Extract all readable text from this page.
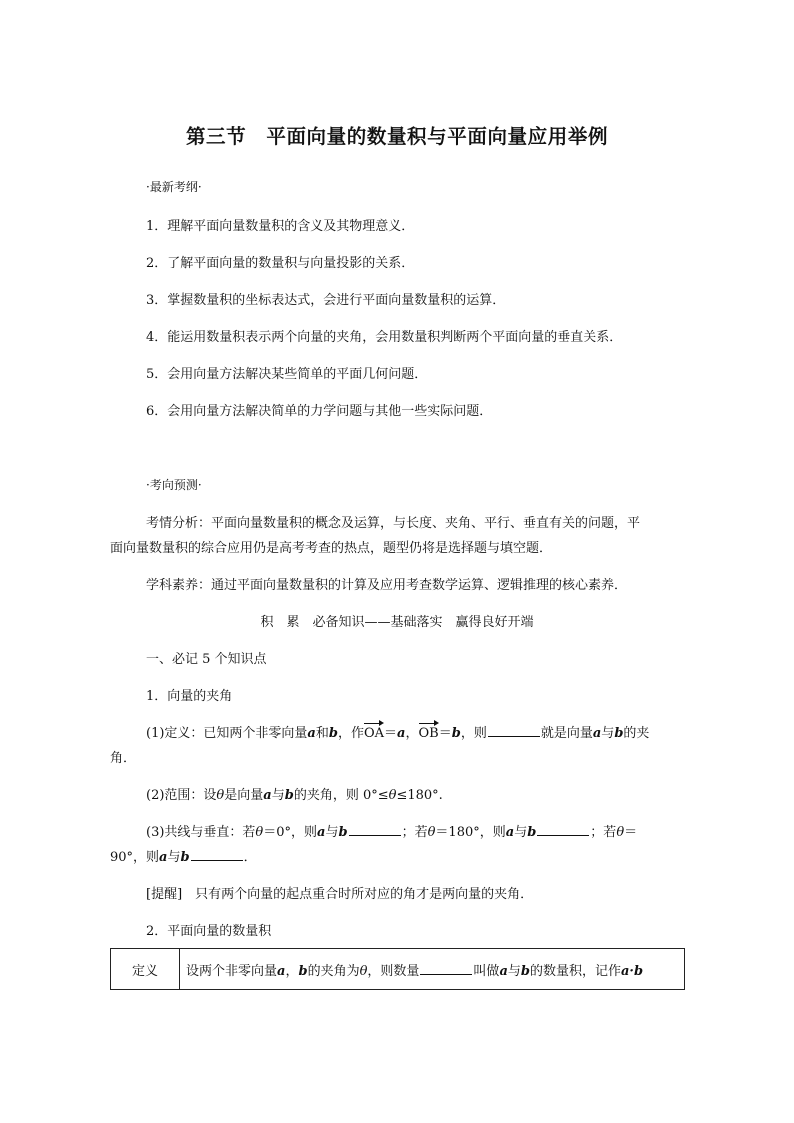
第三节　平面向量的数量积与平面向量应用举例
·最新考纲·
1．理解平面向量数量积的含义及其物理意义．
2．了解平面向量的数量积与向量投影的关系．
3．掌握数量积的坐标表达式，会进行平面向量数量积的运算．
4．能运用数量积表示两个向量的夹角，会用数量积判断两个平面向量的垂直关系．
5．会用向量方法解决某些简单的平面几何问题．
6．会用向量方法解决简单的力学问题与其他一些实际问题．
·考向预测·
考情分析：平面向量数量积的概念及运算，与长度、夹角、平行、垂直有关的问题，平
面向量数量积的综合应用仍是高考考查的热点，题型仍将是选择题与填空题．
学科素养：通过平面向量数量积的计算及应用考查数学运算、逻辑推理的核心素养．
积　累　必备知识——基础落实　赢得良好开端
一、必记 5 个知识点
1．向量的夹角
(1)定义：已知两个非零向量a和b，作OA＝a，OB＝b，则	就是向量a与b的夹
角．
(2)范围：设θ是向量a与b的夹角，则 0°≤θ≤180°.
(3)共线与垂直：若θ＝0°，则a与b	；若θ＝180°，则a与b	；若θ＝
90°，则a与b	．
[提醒]　只有两个向量的起点重合时所对应的角才是两向量的夹角．
2．平面向量的数量积
定义	设两个非零向量a，b的夹角为θ，则数量	叫做a与b的数量积，记作a·b
